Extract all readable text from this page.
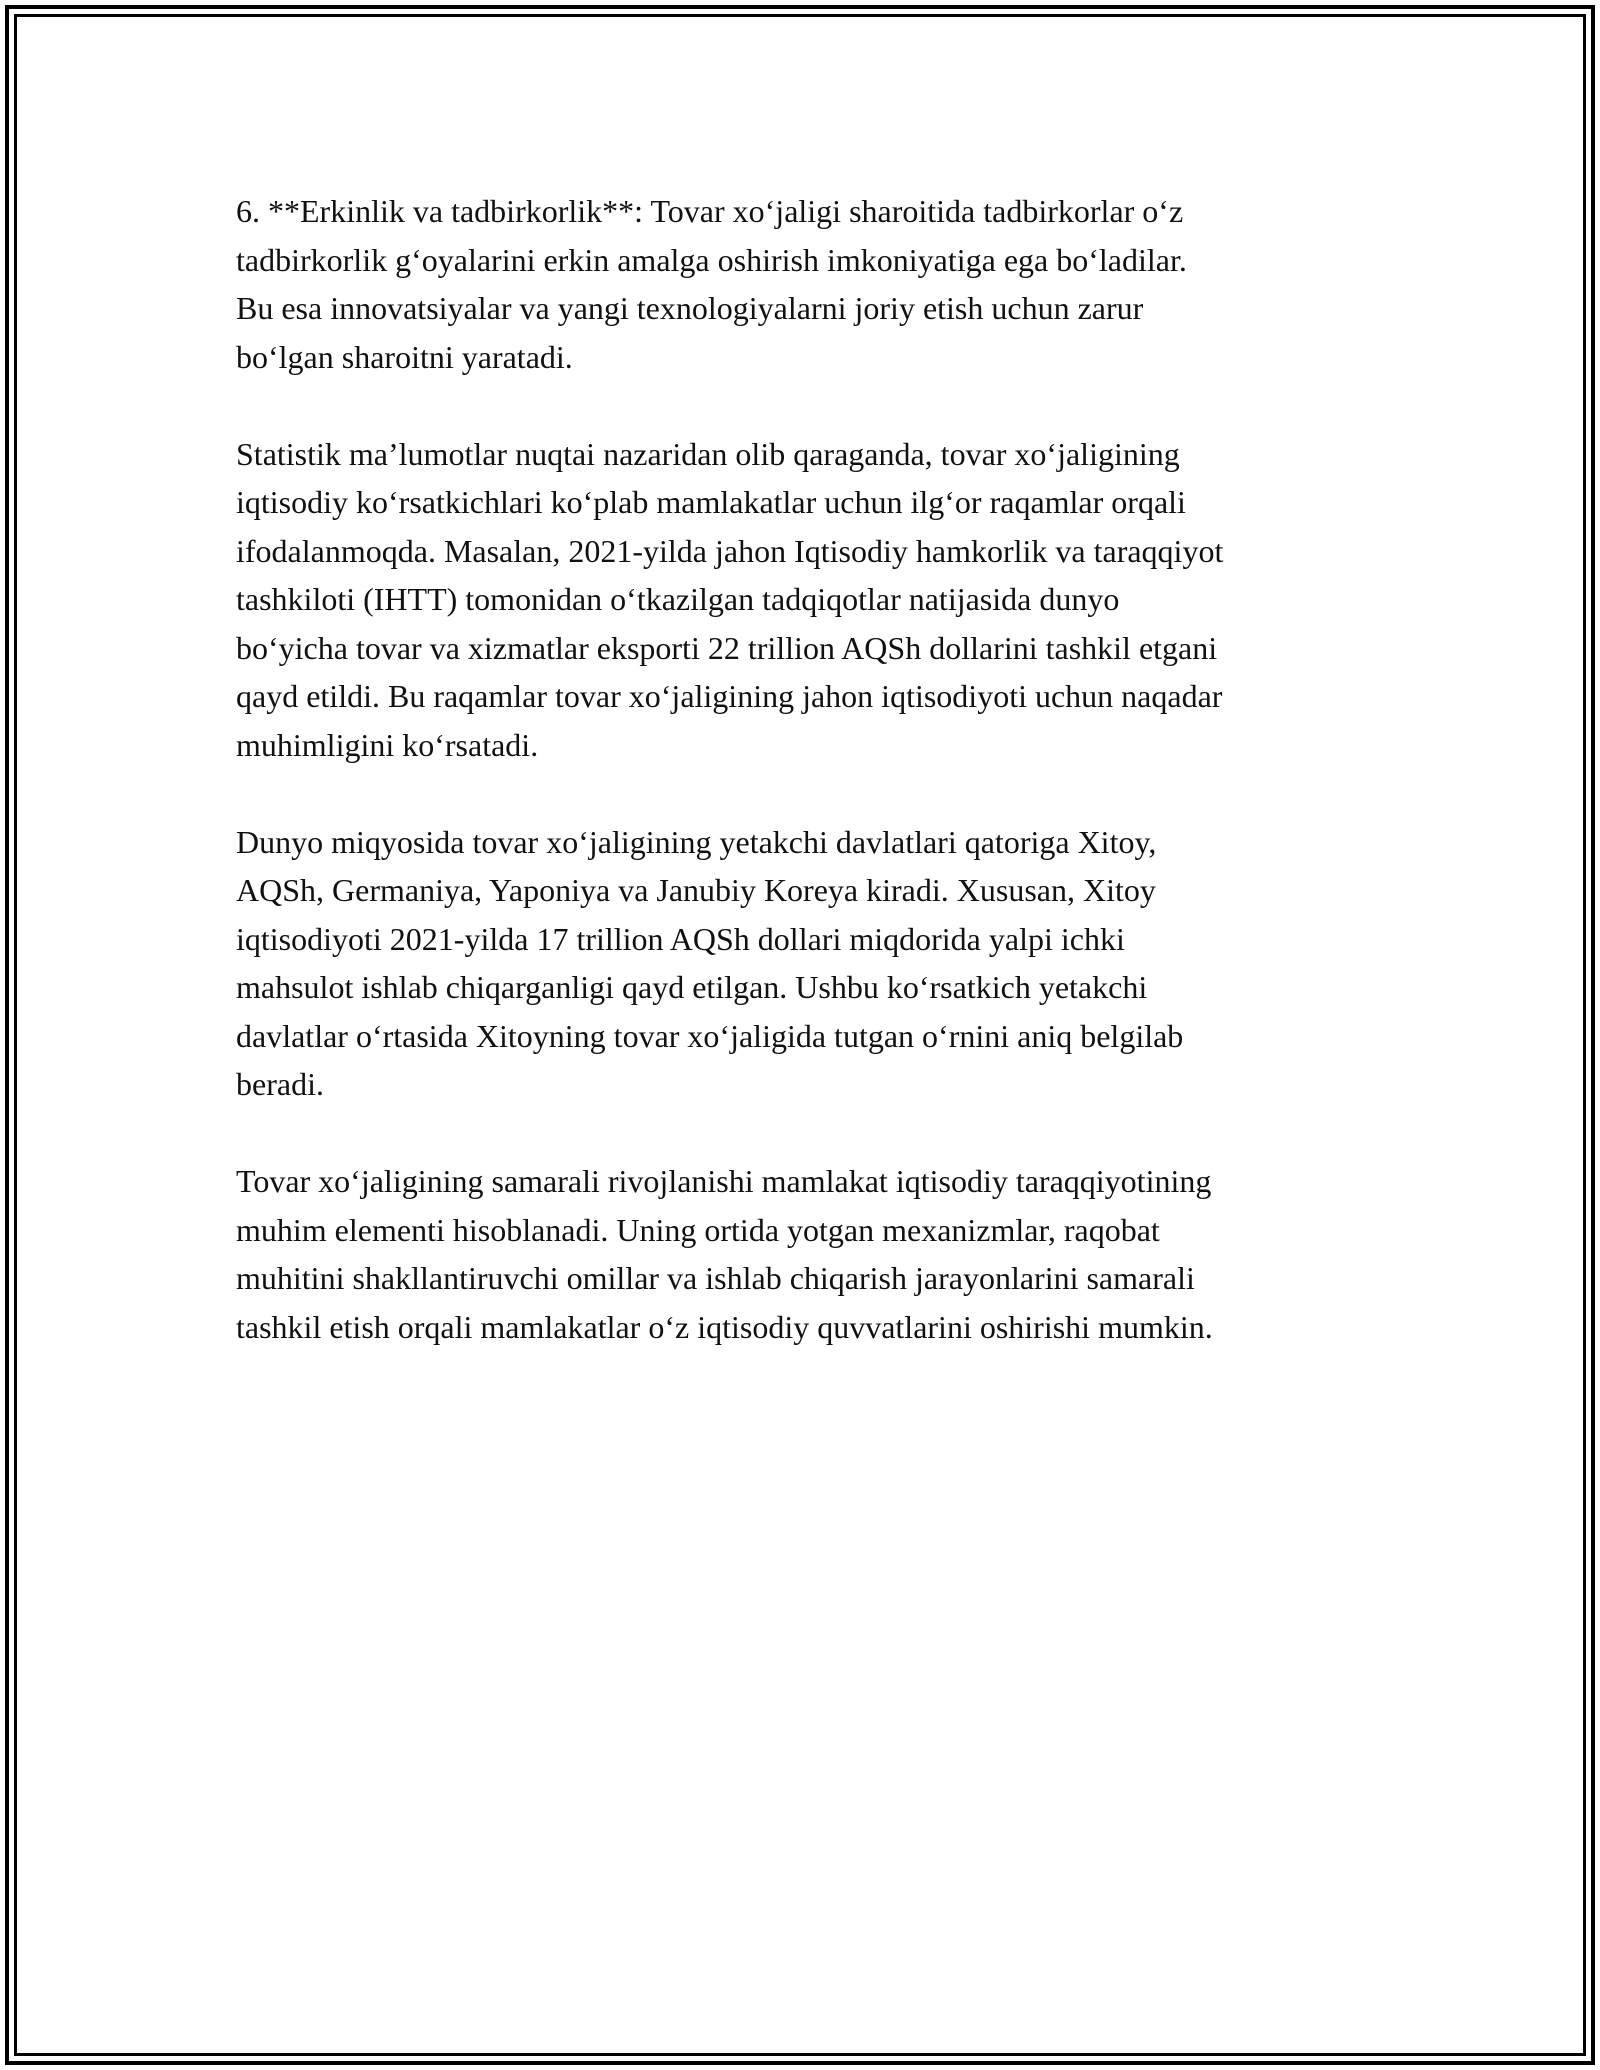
6. **Erkinlik va tadbirkorlik**: Tovar xo‘jaligi sharoitida tadbirkorlar o‘z
tadbirkorlik g‘oyalarini erkin amalga oshirish imkoniyatiga ega bo‘ladilar.
Bu esa innovatsiyalar va yangi texnologiyalarni joriy etish uchun zarur
bo‘lgan sharoitni yaratadi.

Statistik ma’lumotlar nuqtai nazaridan olib qaraganda, tovar xo‘jaligining
iqtisodiy ko‘rsatkichlari ko‘plab mamlakatlar uchun ilg‘or raqamlar orqali
ifodalanmoqda. Masalan, 2021-yilda jahon Iqtisodiy hamkorlik va taraqqiyot
tashkiloti (IHTT) tomonidan o‘tkazilgan tadqiqotlar natijasida dunyo
bo‘yicha tovar va xizmatlar eksporti 22 trillion AQSh dollarini tashkil etgani
qayd etildi. Bu raqamlar tovar xo‘jaligining jahon iqtisodiyoti uchun naqadar
muhimligini ko‘rsatadi.

Dunyo miqyosida tovar xo‘jaligining yetakchi davlatlari qatoriga Xitoy,
AQSh, Germaniya, Yaponiya va Janubiy Koreya kiradi. Xususan, Xitoy
iqtisodiyoti 2021-yilda 17 trillion AQSh dollari miqdorida yalpi ichki
mahsulot ishlab chiqarganligi qayd etilgan. Ushbu ko‘rsatkich yetakchi
davlatlar o‘rtasida Xitoyning tovar xo‘jaligida tutgan o‘rnini aniq belgilab
beradi.

Tovar xo‘jaligining samarali rivojlanishi mamlakat iqtisodiy taraqqiyotining
muhim elementi hisoblanadi. Uning ortida yotgan mexanizmlar, raqobat
muhitini shakllantiruvchi omillar va ishlab chiqarish jarayonlarini samarali
tashkil etish orqali mamlakatlar o‘z iqtisodiy quvvatlarini oshirishi mumkin.
